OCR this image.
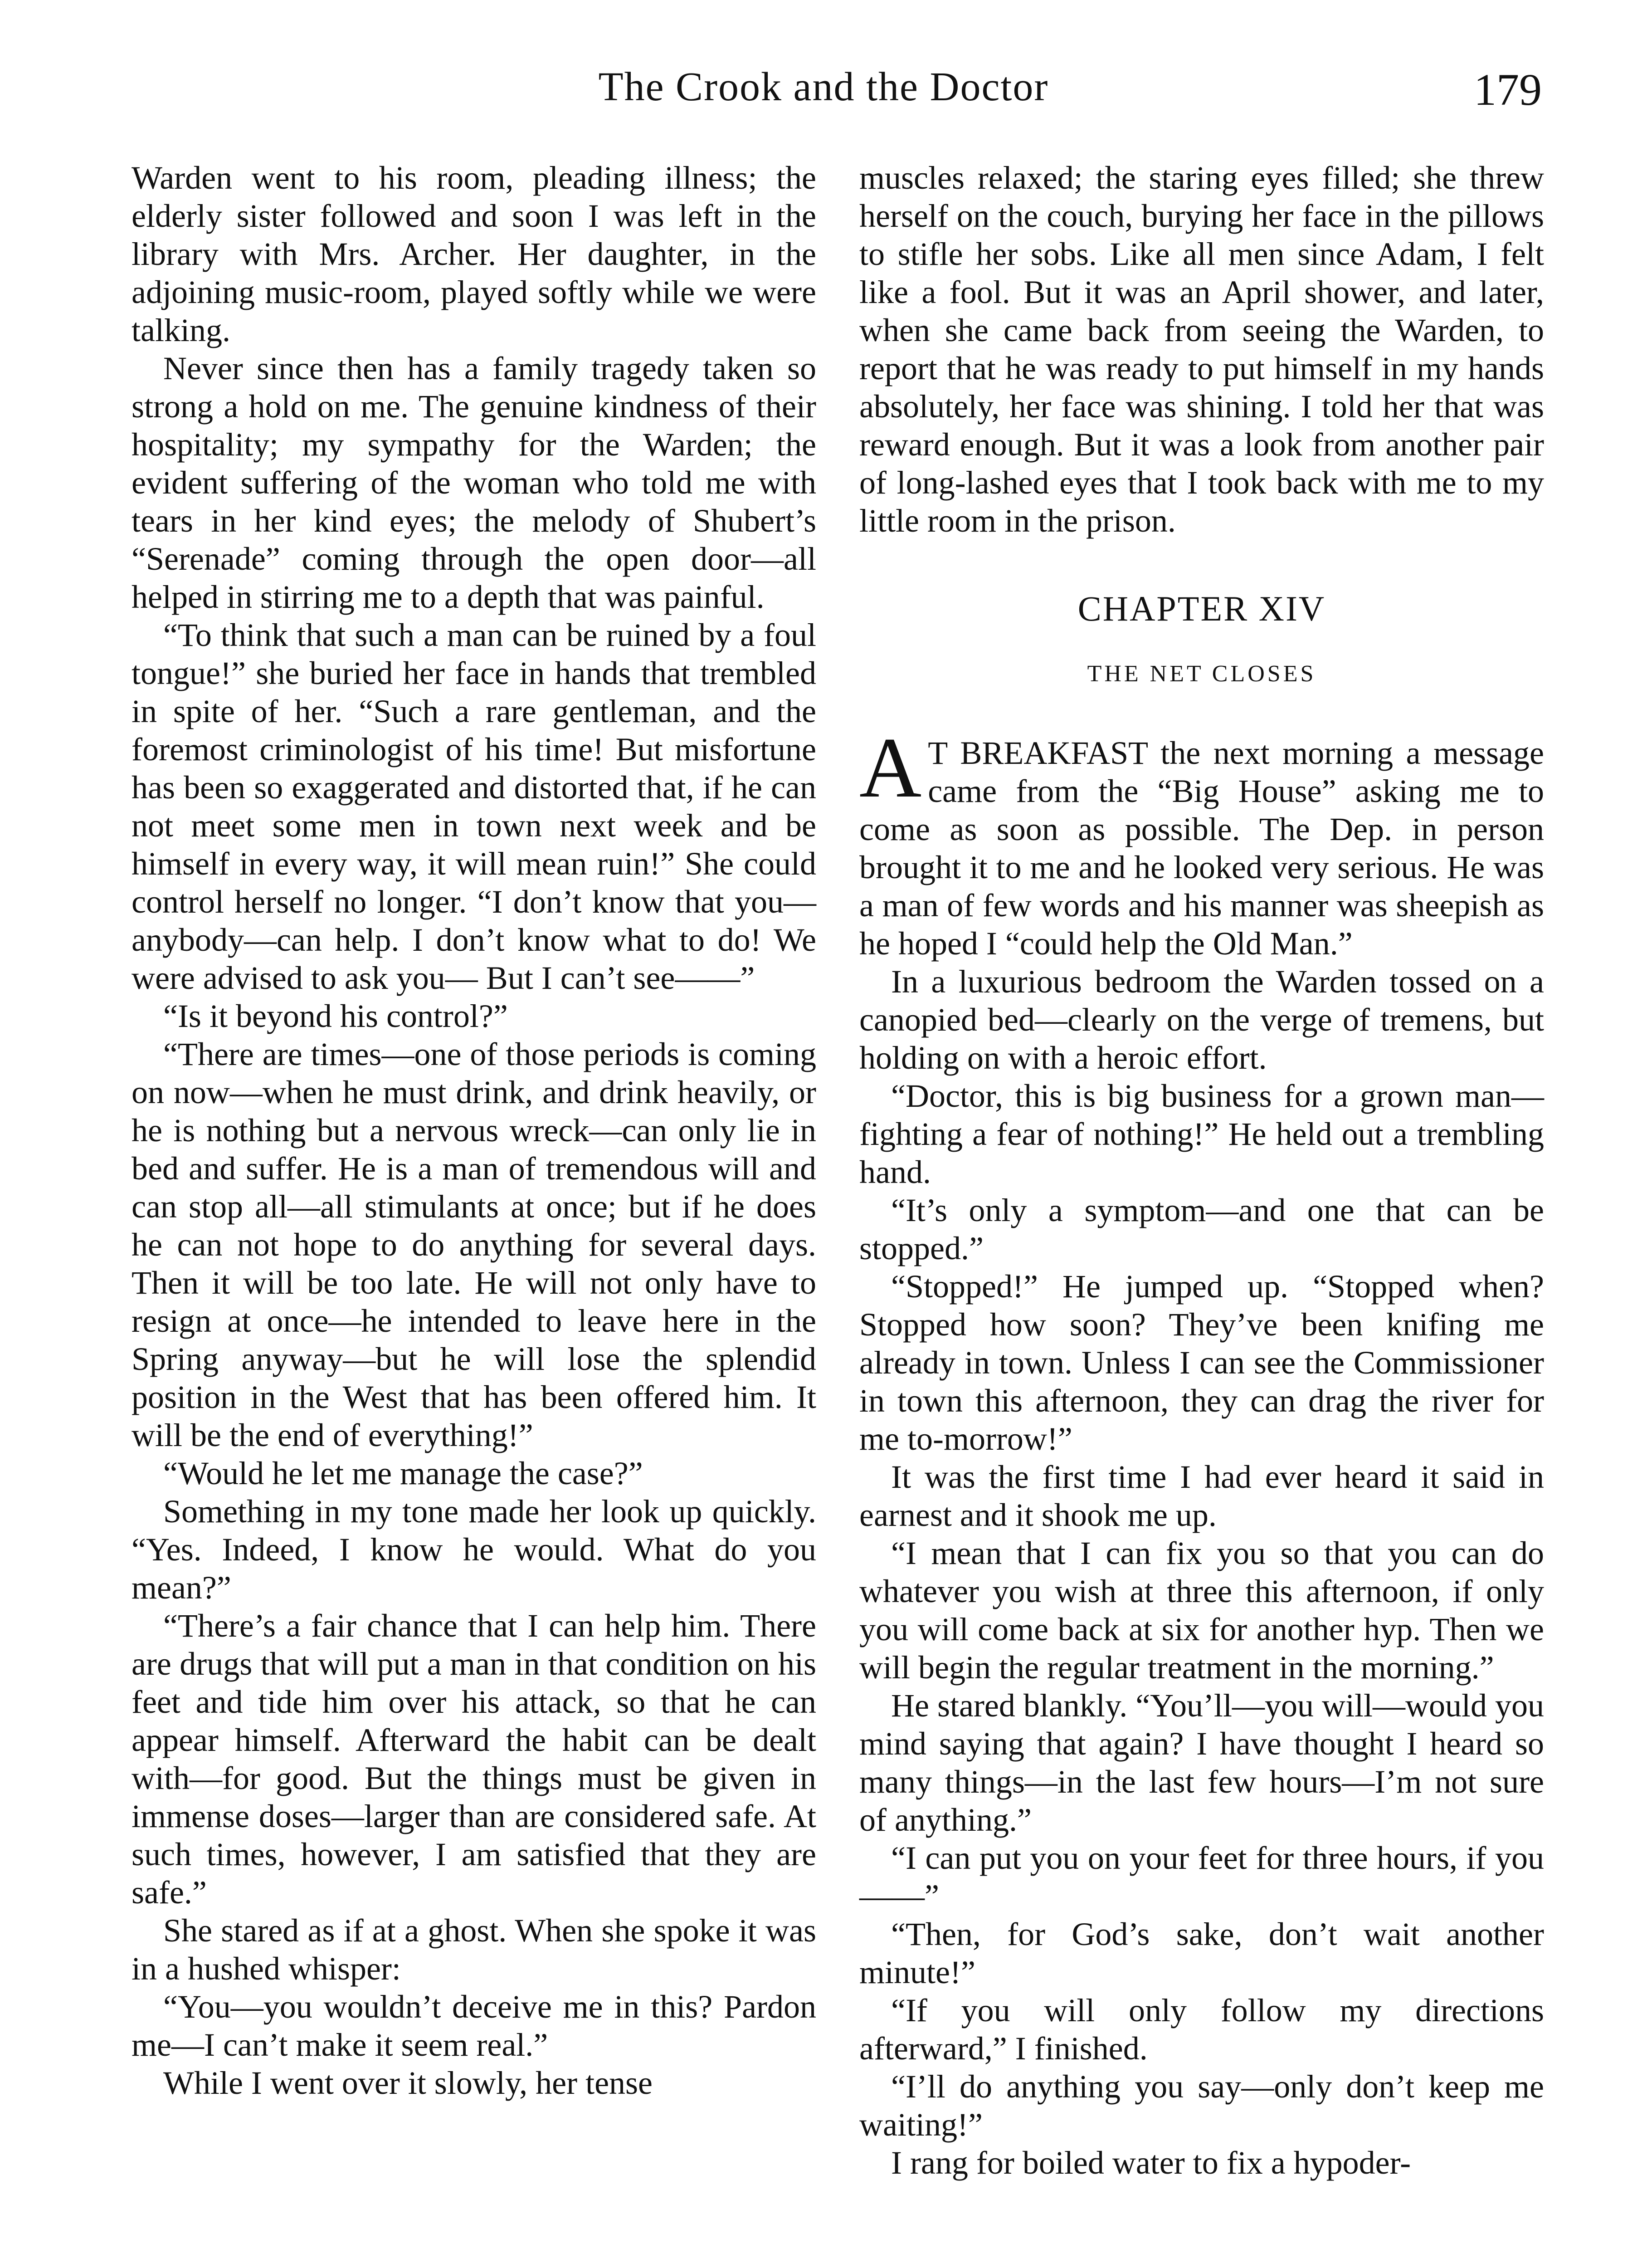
The Crook and the Doctor	179

Warden went to his room, pleading illness; the elderly sister followed and soon I was left in the library with Mrs. Archer. Her daughter, in the adjoining music-room, played softly while we were talking.

Never since then has a family tragedy taken so strong a hold on me. The genuine kindness of their hospitality; my sympathy for the Warden; the evident suffering of the woman who told me with tears in her kind eyes; the melody of Shubert’s “Serenade” coming through the open door—all helped in stirring me to a depth that was painful.

“To think that such a man can be ruined by a foul tongue!” she buried her face in hands that trembled in spite of her. “Such a rare gentleman, and the foremost criminologist of his time! But misfortune has been so exaggerated and distorted that, if he can not meet some men in town next week and be himself in every way, it will mean ruin!” She could control herself no longer. “I don’t know that you—anybody—can help. I don’t know what to do! We were advised to ask you— But I can’t see——”

“Is it beyond his control?”

“There are times—one of those periods is coming on now—when he must drink, and drink heavily, or he is nothing but a nervous wreck—can only lie in bed and suffer. He is a man of tremendous will and can stop all—all stimulants at once; but if he does he can not hope to do anything for several days. Then it will be too late. He will not only have to resign at once—he intended to leave here in the Spring anyway—but he will lose the splendid position in the West that has been offered him. It will be the end of everything!”

“Would he let me manage the case?”

Something in my tone made her look up quickly. “Yes. Indeed, I know he would. What do you mean?”

“There’s a fair chance that I can help him. There are drugs that will put a man in that condition on his feet and tide him over his attack, so that he can appear himself. Afterward the habit can be dealt with—for good. But the things must be given in immense doses—larger than are considered safe. At such times, however, I am satisfied that they are safe.”

She stared as if at a ghost. When she spoke it was in a hushed whisper:

“You—you wouldn’t deceive me in this? Pardon me—I can’t make it seem real.”

While I went over it slowly, her tense

muscles relaxed; the staring eyes filled; she threw herself on the couch, burying her face in the pillows to stifle her sobs. Like all men since Adam, I felt like a fool. But it was an April shower, and later, when she came back from seeing the Warden, to report that he was ready to put himself in my hands absolutely, her face was shining. I told her that was reward enough. But it was a look from another pair of long-lashed eyes that I took back with me to my little room in the prison.

CHAPTER XIV
THE NET CLOSES

A T BREAKFAST the next morning a message came from the “Big House” asking me to come as soon as possible. The Dep. in person brought it to me and he looked very serious. He was a man of few words and his manner was sheepish as he hoped I “could help the Old Man.”

In a luxurious bedroom the Warden tossed on a canopied bed—clearly on the verge of tremens, but holding on with a heroic effort.

“Doctor, this is big business for a grown man—fighting a fear of nothing!” He held out a trembling hand.

“It’s only a symptom—and one that can be stopped.”

“Stopped!” He jumped up. “Stopped when? Stopped how soon? They’ve been knifing me already in town. Unless I can see the Commissioner in town this afternoon, they can drag the river for me to-morrow!”

It was the first time I had ever heard it said in earnest and it shook me up.

“I mean that I can fix you so that you can do whatever you wish at three this afternoon, if only you will come back at six for another hyp. Then we will begin the regular treatment in the morning.”

He stared blankly. “You’ll—you will—would you mind saying that again? I have thought I heard so many things—in the last few hours—I’m not sure of anything.”

“I can put you on your feet for three hours, if you——”

“Then, for God’s sake, don’t wait another minute!”

“If you will only follow my directions afterward,” I finished.

“I’ll do anything you say—only don’t keep me waiting!”

I rang for boiled water to fix a hypoder-
